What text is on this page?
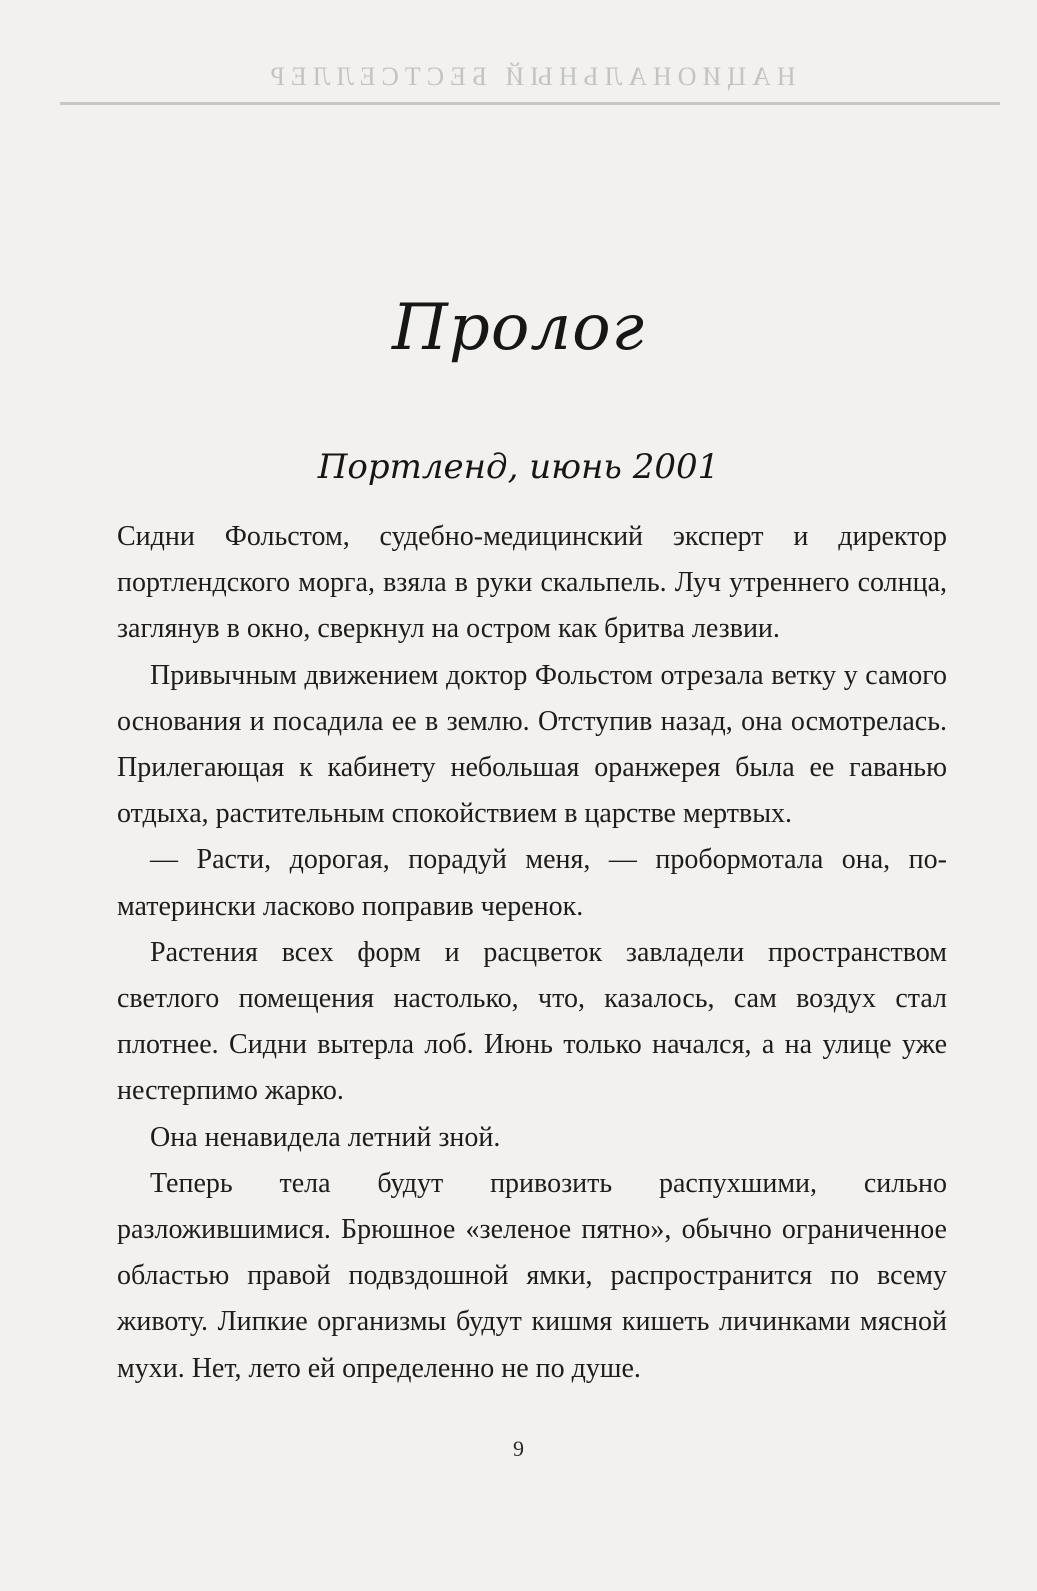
НАЦИОНАЛЬНЫЙ БЕСТСЕЛЛЕР
Пролог
Портленд, июнь 2001

Сидни Фольстом, судебно-медицинский эксперт и директор портлендского морга, взяла в руки скальпель. Луч утреннего солнца, заглянув в окно, сверкнул на остром как бритва лезвии.

Привычным движением доктор Фольстом отрезала ветку у самого основания и посадила ее в землю. Отступив назад, она осмотрелась. Прилегающая к кабинету небольшая оранжерея была ее гаванью отдыха, растительным спокойствием в царстве мертвых.

— Расти, дорогая, порадуй меня, — пробормотала она, по-матерински ласково поправив черенок.

Растения всех форм и расцветок завладели пространством светлого помещения настолько, что, казалось, сам воздух стал плотнее. Сидни вытерла лоб. Июнь только начался, а на улице уже нестерпимо жарко.

Она ненавидела летний зной.

Теперь тела будут привозить распухшими, сильно разложившимися. Брюшное «зеленое пятно», обычно ограниченное областью правой подвздошной ямки, распространится по всему животу. Липкие организмы будут кишмя кишеть личинками мясной мухи. Нет, лето ей определенно не по душе.

9
